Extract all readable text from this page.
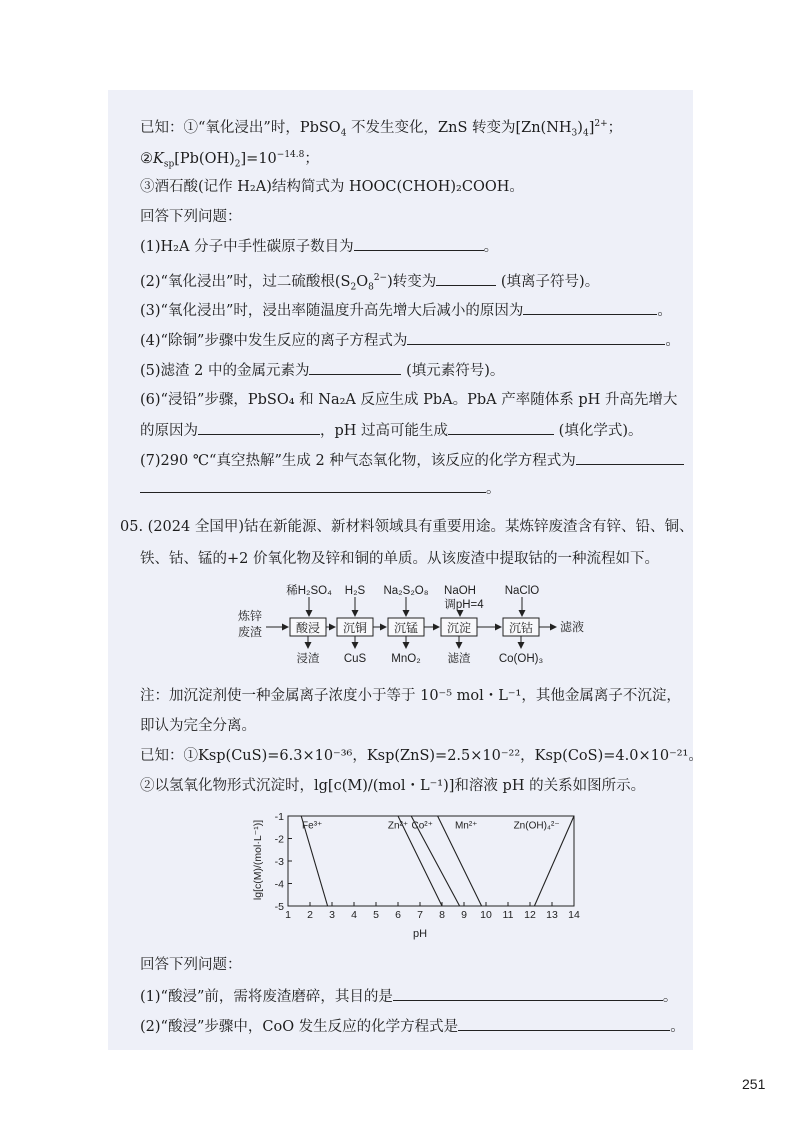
已知：①“氧化浸出”时，PbSO$_4$ 不发生变化，ZnS 转变为$[Zn(NH_3)_4]^{2+}$；
$②K_{sp}[Pb(OH)_2]=10^{-14.8}$；
③酒石酸(记作 H₂A)结构简式为 HOOC(CHOH)₂COOH。
回答下列问题：
(1)H₂A 分子中手性碳原子数目为	。
(2)“氧化浸出”时，过二硫酸根$(S_2O_8^{2-})$转变为	(填离子符号)。
(3)“氧化浸出”时，浸出率随温度升高先增大后减小的原因为	。
(4)“除铜”步骤中发生反应的离子方程式为	。
(5)滤渣 2 中的金属元素为	(填元素符号)。
(6)“浸铅”步骤，PbSO₄ 和 Na₂A 反应生成 PbA。PbA 产率随体系 pH 升高先增大
的原因为	，pH 过高可能生成	(填化学式)。
(7)290 ℃“真空热解”生成 2 种气态氧化物，该反应的化学方程式为
。
05. (2024 全国甲)钴在新能源、新材料领域具有重要用途。某炼锌废渣含有锌、铅、铜、
铁、钴、锰的+2 价氧化物及锌和铜的单质。从该废渣中提取钴的一种流程如下。
炼锌
废渣
稀H₂SO₄ H₂S Na₂S₂O₈ NaOH
调pH=4
NaClO
酸浸 沉铜 沉锰 沉淀	沉钴 滤液
浸渣 CuS MnO₂ 滤渣 Co(OH)₃
注：加沉淀剂使一种金属离子浓度小于等于 10⁻⁵ mol・L⁻¹，其他金属离子不沉淀，
即认为完全分离。
已知：①Ksp(CuS)=6.3×10⁻³⁶，Ksp(ZnS)=2.5×10⁻²²，Ksp(CoS)=4.0×10⁻²¹。
②以氢氧化物形式沉淀时，lg[c(M)/(mol・L⁻¹)]和溶液 pH 的关系如图所示。
lg[c(M)/(mol·L⁻¹)]
pH
1 2 3 4 5 6 7 8 9 10 11 12 13 14
-1
-2
-3
-4
-5
Fe³⁺	Zn²⁺ Co²⁺ Mn²⁺	Zn(OH)₄²⁻
回答下列问题：
(1)“酸浸”前，需将废渣磨碎，其目的是	。
(2)“酸浸”步骤中，CoO 发生反应的化学方程式是	。
251
